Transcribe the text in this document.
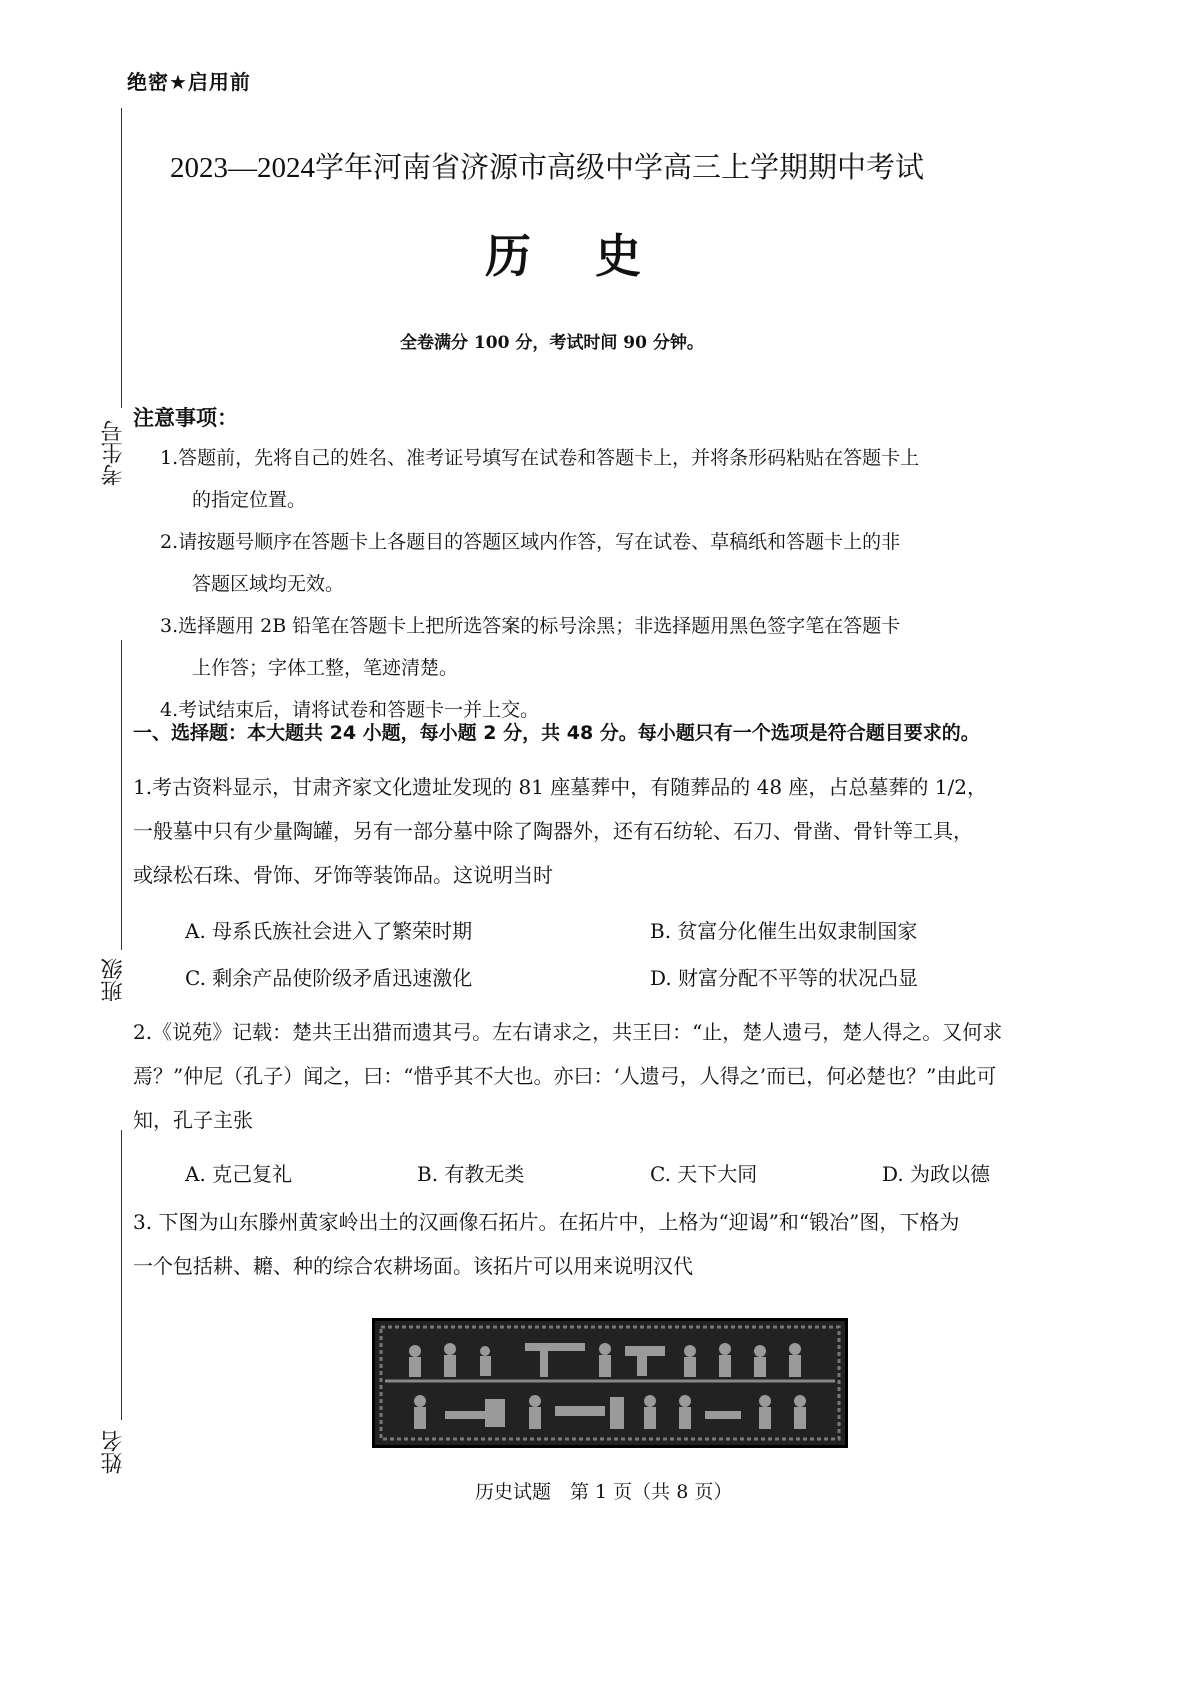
绝密★启用前
2023—2024学年河南省济源市高级中学高三上学期期中考试
历史
全卷满分 100 分，考试时间 90 分钟。
考生号
班级
姓名
注意事项：
1.答题前，先将自己的姓名、准考证号填写在试卷和答题卡上，并将条形码粘贴在答题卡上
的指定位置。
2.请按题号顺序在答题卡上各题目的答题区域内作答，写在试卷、草稿纸和答题卡上的非
答题区域均无效。
3.选择题用 2B 铅笔在答题卡上把所选答案的标号涂黑；非选择题用黑色签字笔在答题卡
上作答；字体工整，笔迹清楚。
4.考试结束后，请将试卷和答题卡一并上交。
一、选择题：本大题共 24 小题，每小题 2 分，共 48 分。每小题只有一个选项是符合题目要求的。
1.考古资料显示，甘肃齐家文化遗址发现的 81 座墓葬中，有随葬品的 48 座，占总墓葬的 1/2，
一般墓中只有少量陶罐，另有一部分墓中除了陶器外，还有石纺轮、石刀、骨凿、骨针等工具，
或绿松石珠、骨饰、牙饰等装饰品。这说明当时
A. 母系氏族社会进入了繁荣时期	B. 贫富分化催生出奴隶制国家
C. 剩余产品使阶级矛盾迅速激化	D. 财富分配不平等的状况凸显
2.《说苑》记载：楚共王出猎而遗其弓。左右请求之，共王曰：“止，楚人遗弓，楚人得之。又何求
焉？”仲尼（孔子）闻之，曰：“惜乎其不大也。亦曰：‘人遗弓，人得之’而已，何必楚也？”由此可
知，孔子主张
A. 克己复礼	B. 有教无类	C. 天下大同	D. 为政以德
3. 下图为山东滕州黄家岭出土的汉画像石拓片。在拓片中，上格为“迎谒”和“锻冶”图，下格为
一个包括耕、耱、种的综合农耕场面。该拓片可以用来说明汉代
历史试题　第 1 页（共 8 页）
